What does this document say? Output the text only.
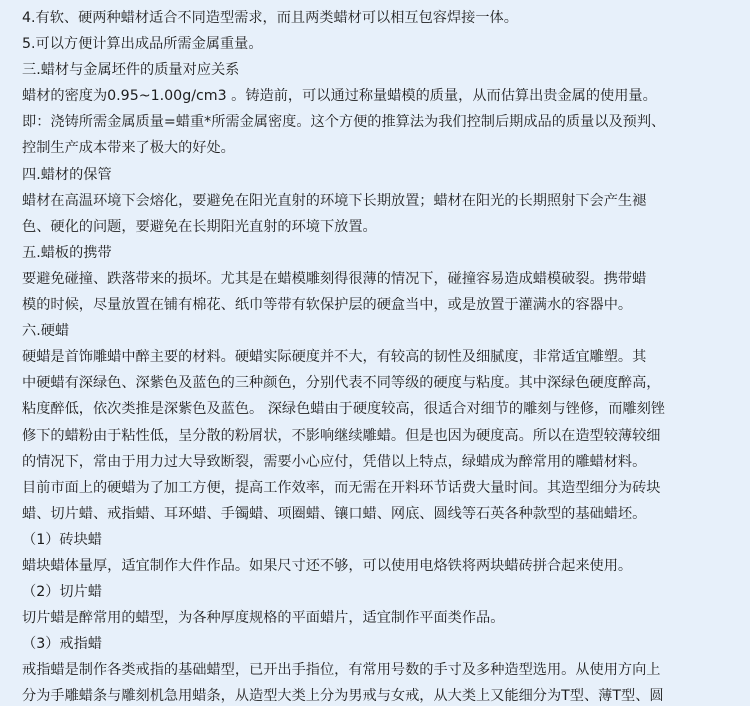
4.有软、硬两种蜡材适合不同造型需求，而且两类蜡材可以相互包容焊接一体。
5.可以方便计算出成品所需金属重量。
三.蜡材与金属坯件的质量对应关系
蜡材的密度为0.95~1.00g/cm3 。铸造前，可以通过称量蜡模的质量，从而估算出贵金属的使用量。
即：浇铸所需金属质量=蜡重*所需金属密度。这个方便的推算法为我们控制后期成品的质量以及预判、
控制生产成本带来了极大的好处。
四.蜡材的保管
蜡材在高温环境下会熔化，要避免在阳光直射的环境下长期放置；蜡材在阳光的长期照射下会产生褪
色、硬化的问题，要避免在长期阳光直射的环境下放置。
五.蜡板的携带
要避免碰撞、跌落带来的损坏。尤其是在蜡模雕刻得很薄的情况下，碰撞容易造成蜡模破裂。携带蜡
模的时候，尽量放置在铺有棉花、纸巾等带有软保护层的硬盒当中，或是放置于灌满水的容器中。
六.硬蜡
硬蜡是首饰雕蜡中醉主要的材料。硬蜡实际硬度并不大，有较高的韧性及细腻度，非常适宜雕塑。其
中硬蜡有深绿色、深紫色及蓝色的三种颜色，分别代表不同等级的硬度与粘度。其中深绿色硬度醉高，
粘度醉低，依次类推是深紫色及蓝色。 深绿色蜡由于硬度较高，很适合对细节的雕刻与锉修，而雕刻锉
修下的蜡粉由于粘性低，呈分散的粉屑状，不影响继续雕蜡。但是也因为硬度高。所以在造型较薄较细
的情况下，常由于用力过大导致断裂，需要小心应付，凭借以上特点，绿蜡成为醉常用的雕蜡材料。
目前市面上的硬蜡为了加工方便，提高工作效率，而无需在开料环节话费大量时间。其造型细分为砖块
蜡、切片蜡、戒指蜡、耳环蜡、手镯蜡、项圈蜡、镶口蜡、网底、圆线等石英各种款型的基础蜡坯。
（1）砖块蜡
蜡块蜡体量厚，适宜制作大件作品。如果尺寸还不够，可以使用电烙铁将两块蜡砖拼合起来使用。
（2）切片蜡
切片蜡是醉常用的蜡型，为各种厚度规格的平面蜡片，适宜制作平面类作品。
（3）戒指蜡
戒指蜡是制作各类戒指的基础蜡型，已开出手指位，有常用号数的手寸及多种造型选用。从使用方向上
分为手雕蜡条与雕刻机急用蜡条，从造型大类上分为男戒与女戒，从大类上又能细分为T型、薄T型、圆
